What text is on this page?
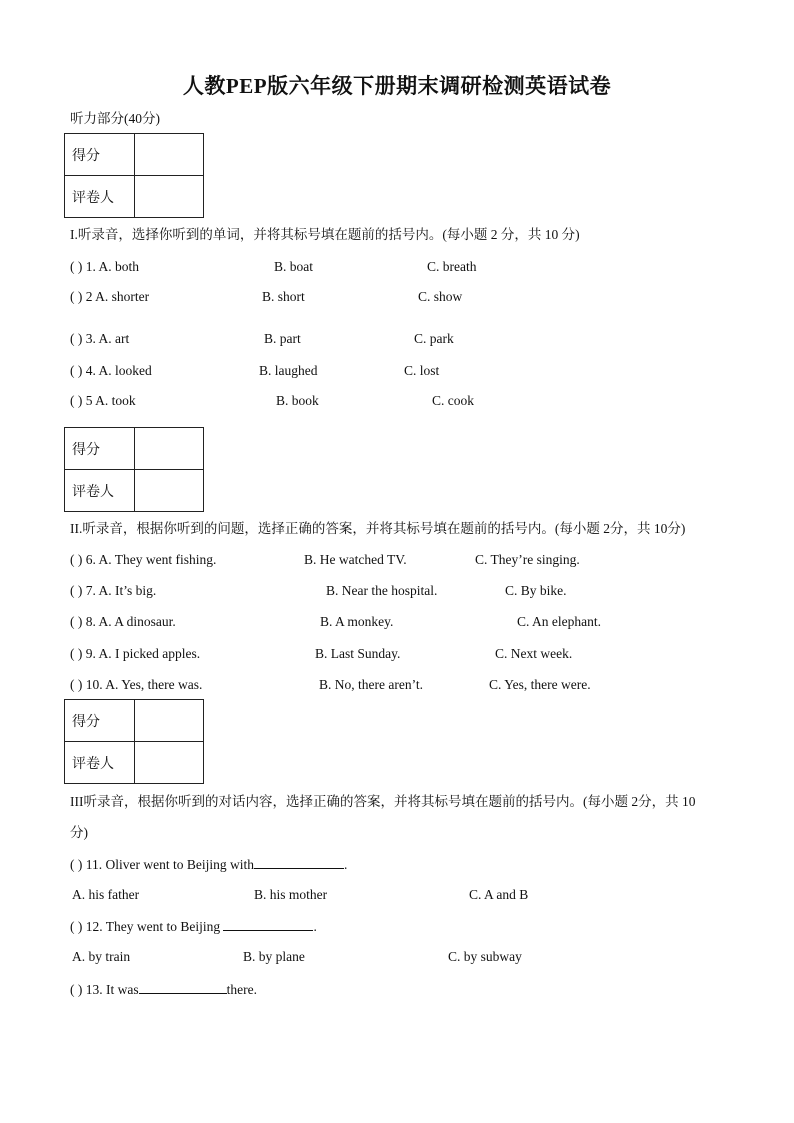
人教PEP版六年级下册期末调研检测英语试卷
听力部分(40分)
得分	
评卷人	
I.听录音，选择你听到的单词，并将其标号填在题前的括号内。(每小题 2 分，共 10 分)
( ) 1. A. both	B. boat	C. breath
( ) 2 A. shorter	B. short	C. show
( ) 3. A. art	B. part	C. park
( ) 4. A. looked	B. laughed	C. lost
( ) 5 A. took	B. book	C. cook
得分	
评卷人	
II.听录音，根据你听到的问题，选择正确的答案，并将其标号填在题前的括号内。(每小题 2分，共 10分)
( ) 6. A. They went fishing.	B. He watched TV.	C. They’re singing.
( ) 7. A. It’s big.	B. Near the hospital.	C. By bike.
( ) 8. A. A dinosaur.	B. A monkey.	C. An elephant.
( ) 9. A. I picked apples.	B. Last Sunday.	C. Next week.
( ) 10. A. Yes, there was.	B. No, there aren’t.	C. Yes, there were.
得分	
评卷人	
III听录音，根据你听到的对话内容，选择正确的答案，并将其标号填在题前的括号内。(每小题 2分，共 10
分)
( ) 11. Oliver went to Beijing with	.
A. his father	B. his mother	C. A and B
( ) 12. They went to Beijing	.
A. by train	B. by plane	C. by subway
( ) 13. It was	there.
